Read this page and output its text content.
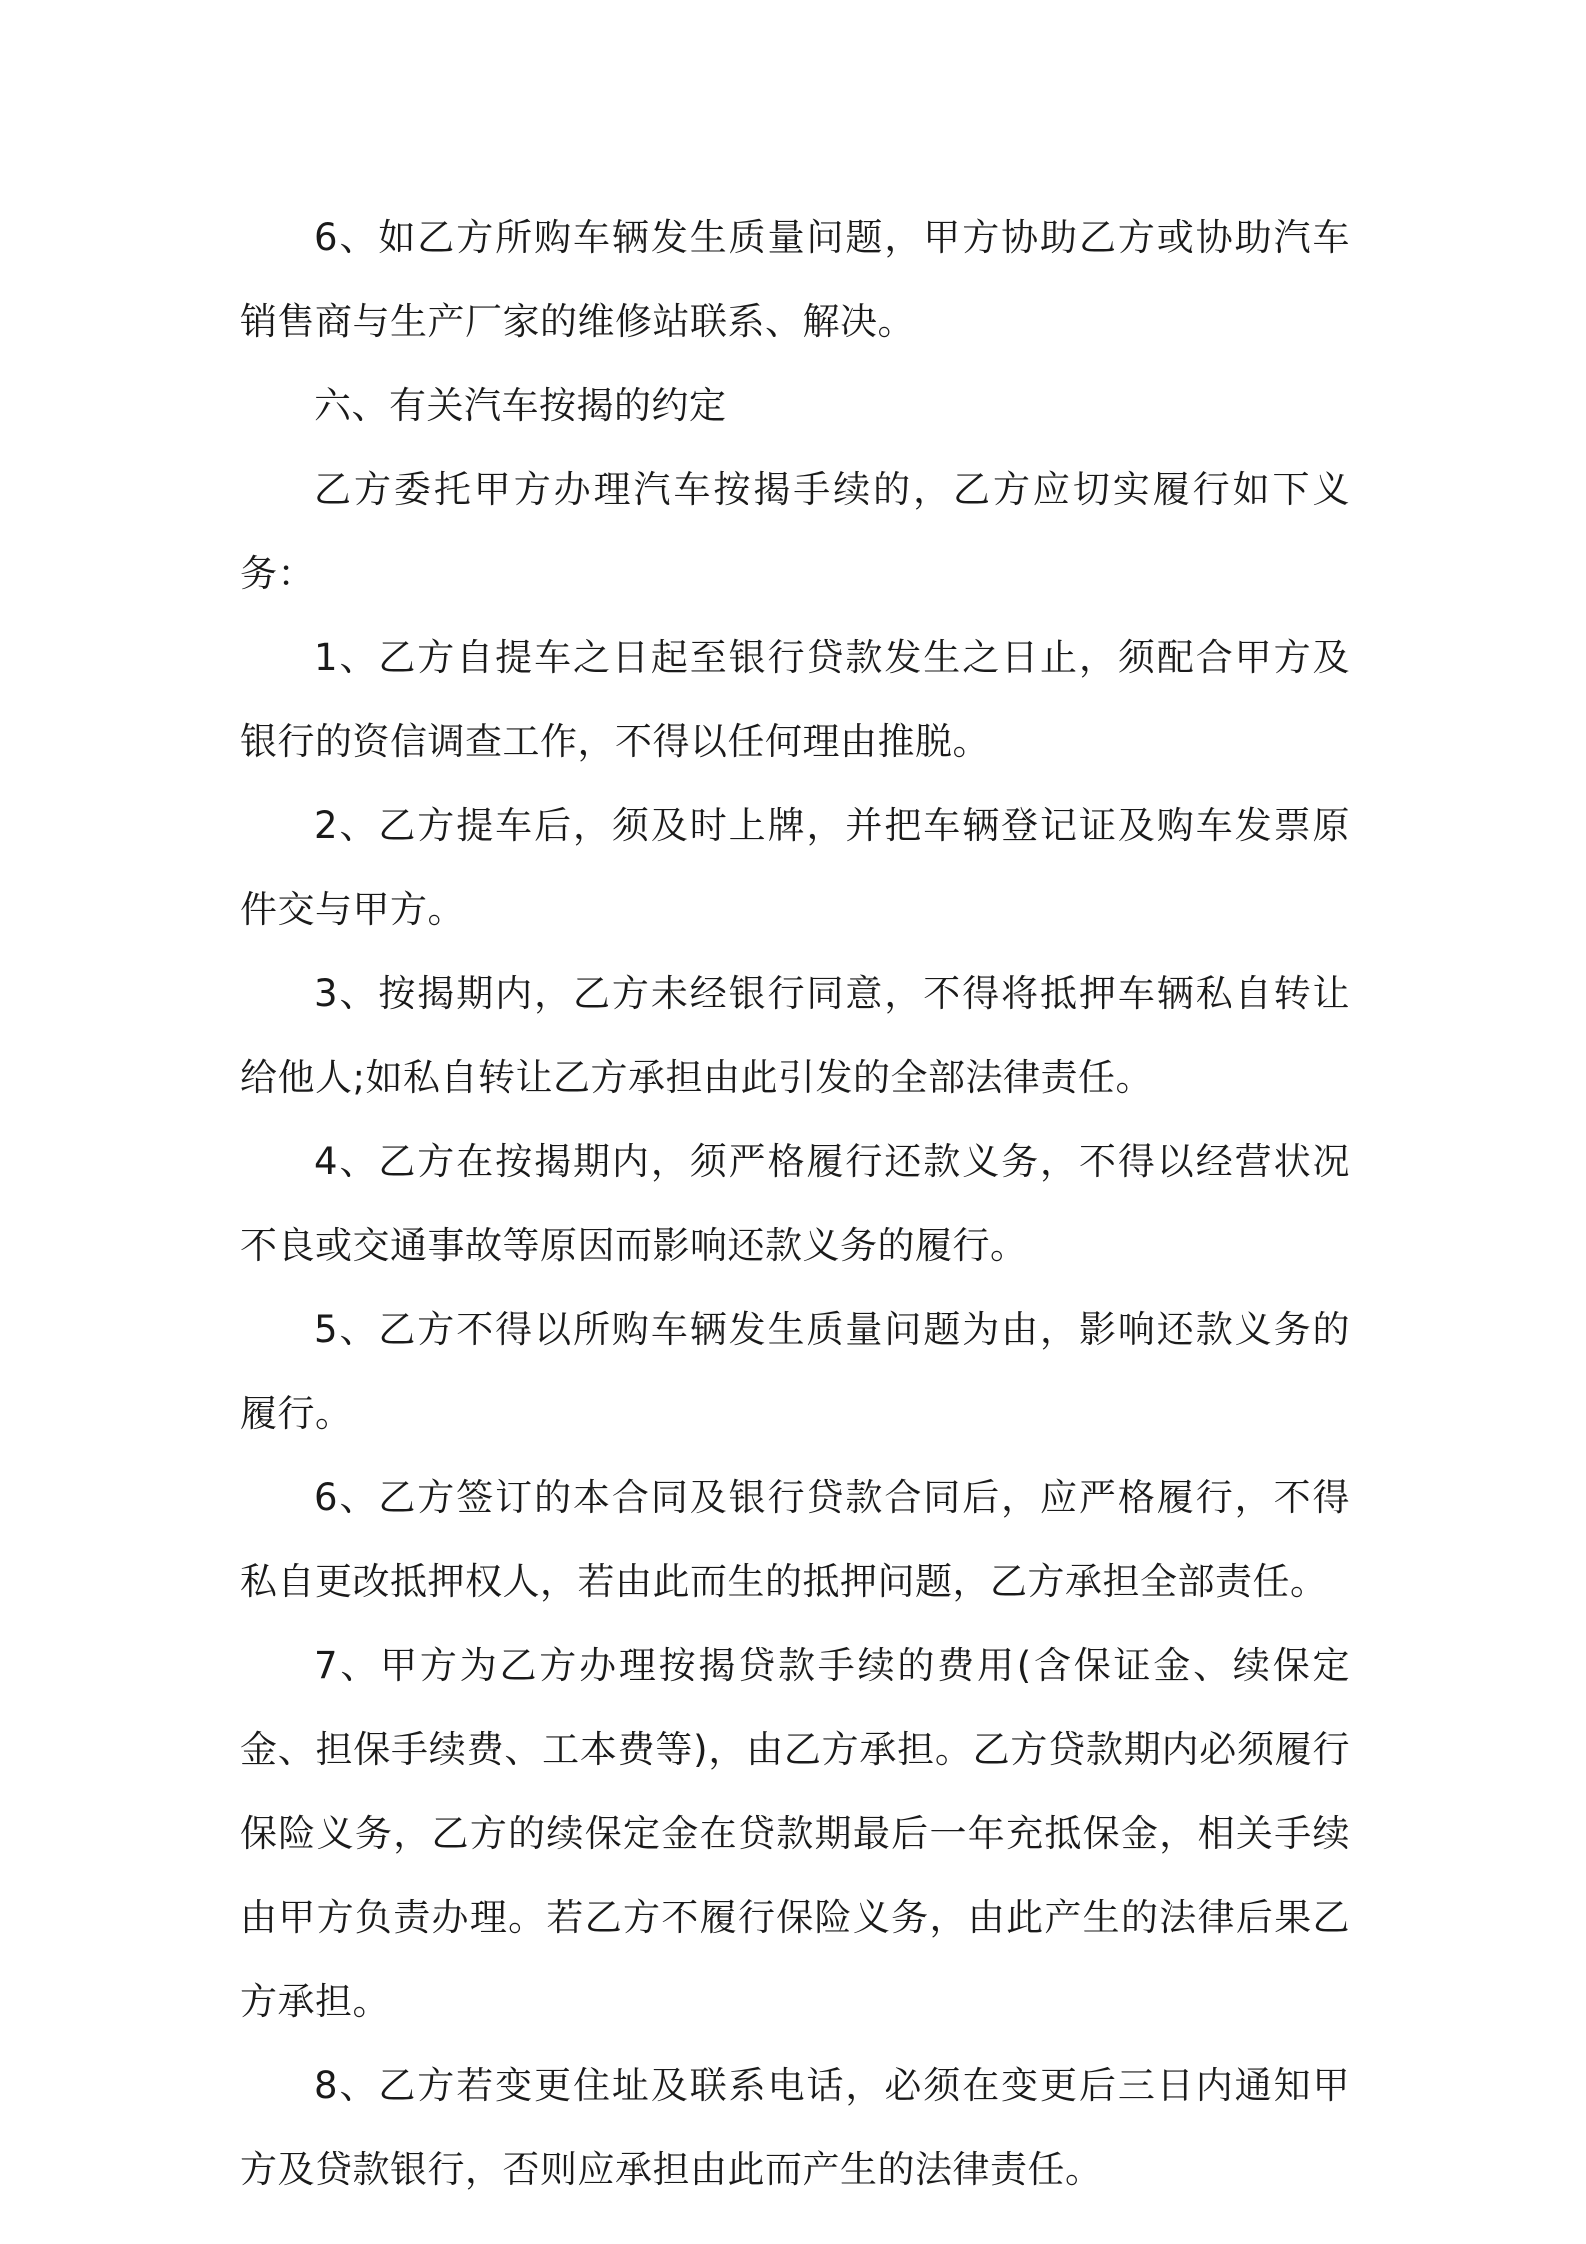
6、如乙方所购车辆发生质量问题，甲方协助乙方或协助汽车销售商与生产厂家的维修站联系、解决。

六、有关汽车按揭的约定

乙方委托甲方办理汽车按揭手续的，乙方应切实履行如下义务：

1、乙方自提车之日起至银行贷款发生之日止，须配合甲方及银行的资信调查工作，不得以任何理由推脱。

2、乙方提车后，须及时上牌，并把车辆登记证及购车发票原件交与甲方。

3、按揭期内，乙方未经银行同意，不得将抵押车辆私自转让给他人;如私自转让乙方承担由此引发的全部法律责任。

4、乙方在按揭期内，须严格履行还款义务，不得以经营状况不良或交通事故等原因而影响还款义务的履行。

5、乙方不得以所购车辆发生质量问题为由，影响还款义务的履行。

6、乙方签订的本合同及银行贷款合同后，应严格履行，不得私自更改抵押权人，若由此而生的抵押问题，乙方承担全部责任。

7、甲方为乙方办理按揭贷款手续的费用(含保证金、续保定金、担保手续费、工本费等)，由乙方承担。乙方贷款期内必须履行保险义务，乙方的续保定金在贷款期最后一年充抵保金，相关手续由甲方负责办理。若乙方不履行保险义务，由此产生的法律后果乙方承担。

8、乙方若变更住址及联系电话，必须在变更后三日内通知甲方及贷款银行，否则应承担由此而产生的法律责任。
